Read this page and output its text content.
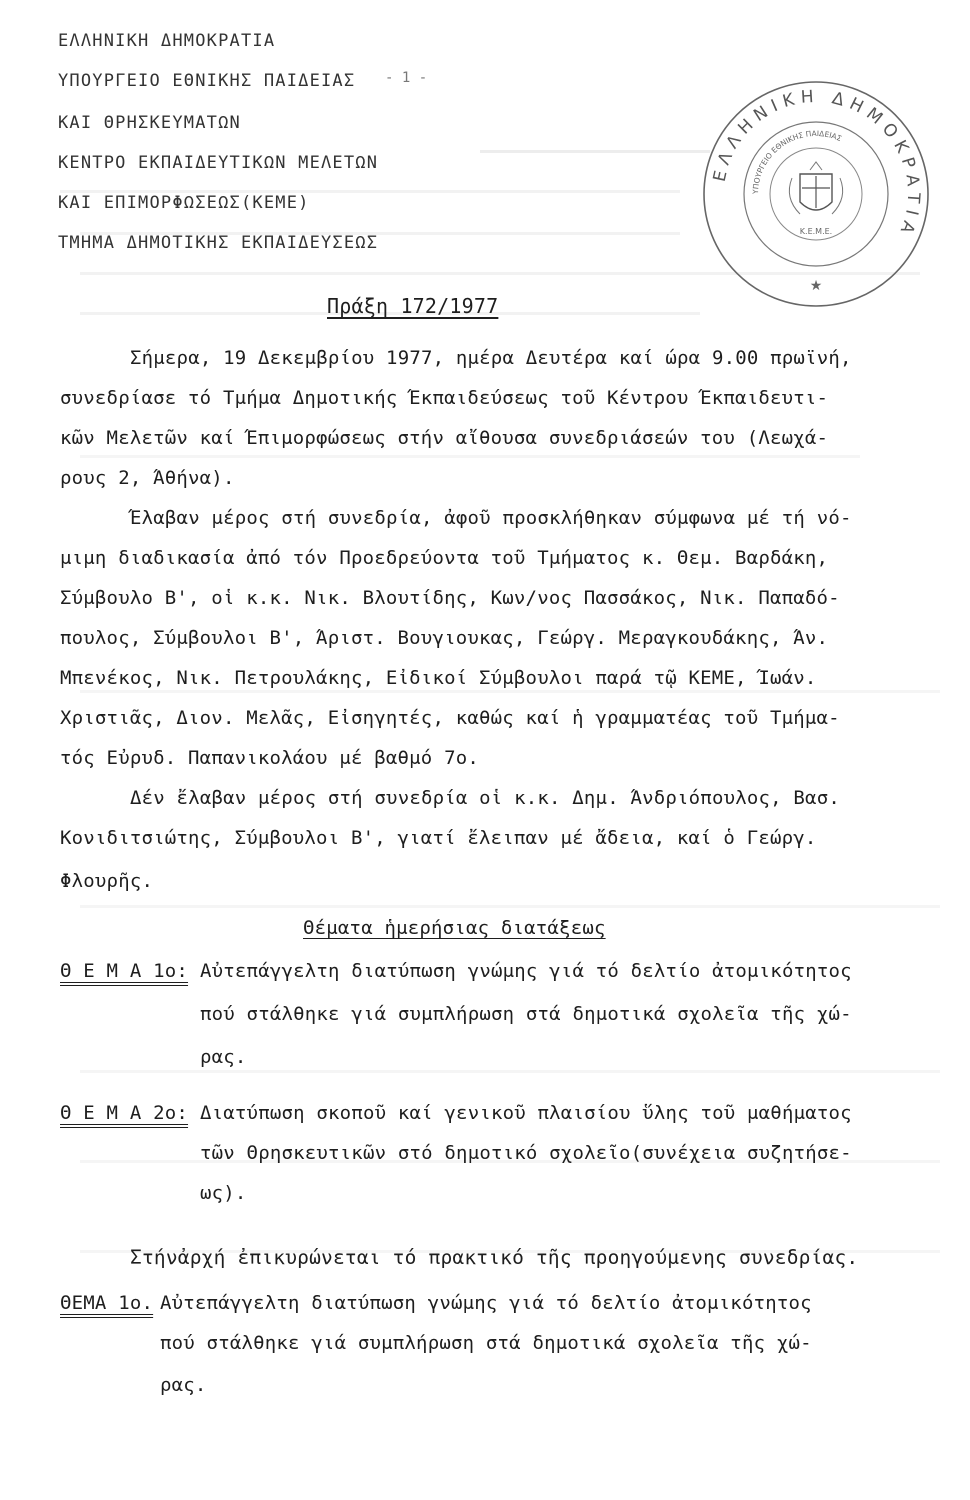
ΕΛΛΗΝΙΚΗ ΔΗΜΟΚΡΑΤΙΑ
ΥΠΟΥΡΓΕΙΟ ΕΘΝΙΚΗΣ ΠΑΙΔΕΙΑΣ
ΚΑΙ ΘΡΗΣΚΕΥΜΑΤΩΝ
ΚΕΝΤΡΟ ΕΚΠΑΙΔΕΥΤΙΚΩΝ ΜΕΛΕΤΩΝ
ΚΑΙ ΕΠΙΜΟΡΦΩΣΕΩΣ(ΚΕΜΕ)
ΤΜΗΜΑ ΔΗΜΟΤΙΚΗΣ ΕΚΠΑΙΔΕΥΣΕΩΣ
- 1 -
ΕΛΛΗΝΙΚΗ ΔΗΜΟΚΡΑΤΙΑ
ΥΠΟΥΡΓΕΙΟ ΕΘΝΙΚΗΣ ΠΑΙΔΕΙΑΣ
Κ.Ε.Μ.Ε.
★
Πράξη 172/1977
Σήμερα, 19 Δεκεμβρίου 1977, ημέρα Δευτέρα καί ώρα 9.00 πρωϊνή,
συνεδρίασε τό Τμήμα Δημοτικής Έκπαιδεύσεως τοῦ Κέντρου Έκπαιδευτι-
κῶν Μελετῶν καί Έπιμορφώσεως στήν αἴθουσα συνεδριάσεών του (Λεωχά-
ρους 2, Άθήνα).
Έλαβαν μέρος στή συνεδρία, ἀφοῦ προσκλήθηκαν σύμφωνα μέ τή νό-
μιμη διαδικασία ἀπό τόν Προεδρεύοντα τοῦ Τμήματος κ. Θεμ. Βαρδάκη,
Σύμβουλο Β', οἱ κ.κ. Νικ. Βλουτίδης, Κων/νος Πασσάκος, Νικ. Παπαδό-
πουλος, Σύμβουλοι Β', Άριστ. Βουγιουκας, Γεώργ. Μεραγκουδάκης, Άν.
Μπενέκος, Νικ. Πετρουλάκης, Εἰδικοί Σύμβουλοι παρά τῷ ΚΕΜΕ, Ίωάν.
Χριστιᾶς, Διον. Μελᾶς, Εἰσηγητές, καθώς καί ἡ γραμματέας τοῦ Τμήμα-
τός Εὐρυδ. Παπανικολάου μέ βαθμό 7ο.
Δέν ἔλαβαν μέρος στή συνεδρία οἱ κ.κ. Δημ. Άνδριόπουλος, Βασ.
Κονιδιτσιώτης, Σύμβουλοι Β', γιατί ἔλειπαν μέ ἄδεια, καί ὁ Γεώργ.
Φλουρῆς.
Θέματα ἡμερήσιας διατάξεως
Θ Ε Μ Α 1ο: Αὐτεπάγγελτη διατύπωση γνώμης γιά τό δελτίο ἀτομικότητος
πού στάλθηκε γιά συμπλήρωση στά δημοτικά σχολεῖα τῆς χώ-
ρας.
Θ Ε Μ Α 2ο: Διατύπωση σκοποῦ καί γενικοῦ πλαισίου ὕλης τοῦ μαθήματος
τῶν Θρησκευτικῶν στό δημοτικό σχολεῖο(συνέχεια συζητήσε-
ως).
Στήνἀρχή ἐπικυρώνεται τό πρακτικό τῆς προηγούμενης συνεδρίας.
ΘΕΜΑ 1ο. Αὐτεπάγγελτη διατύπωση γνώμης γιά τό δελτίο ἀτομικότητος
πού στάλθηκε γιά συμπλήρωση στά δημοτικά σχολεῖα τῆς χώ-
ρας.
